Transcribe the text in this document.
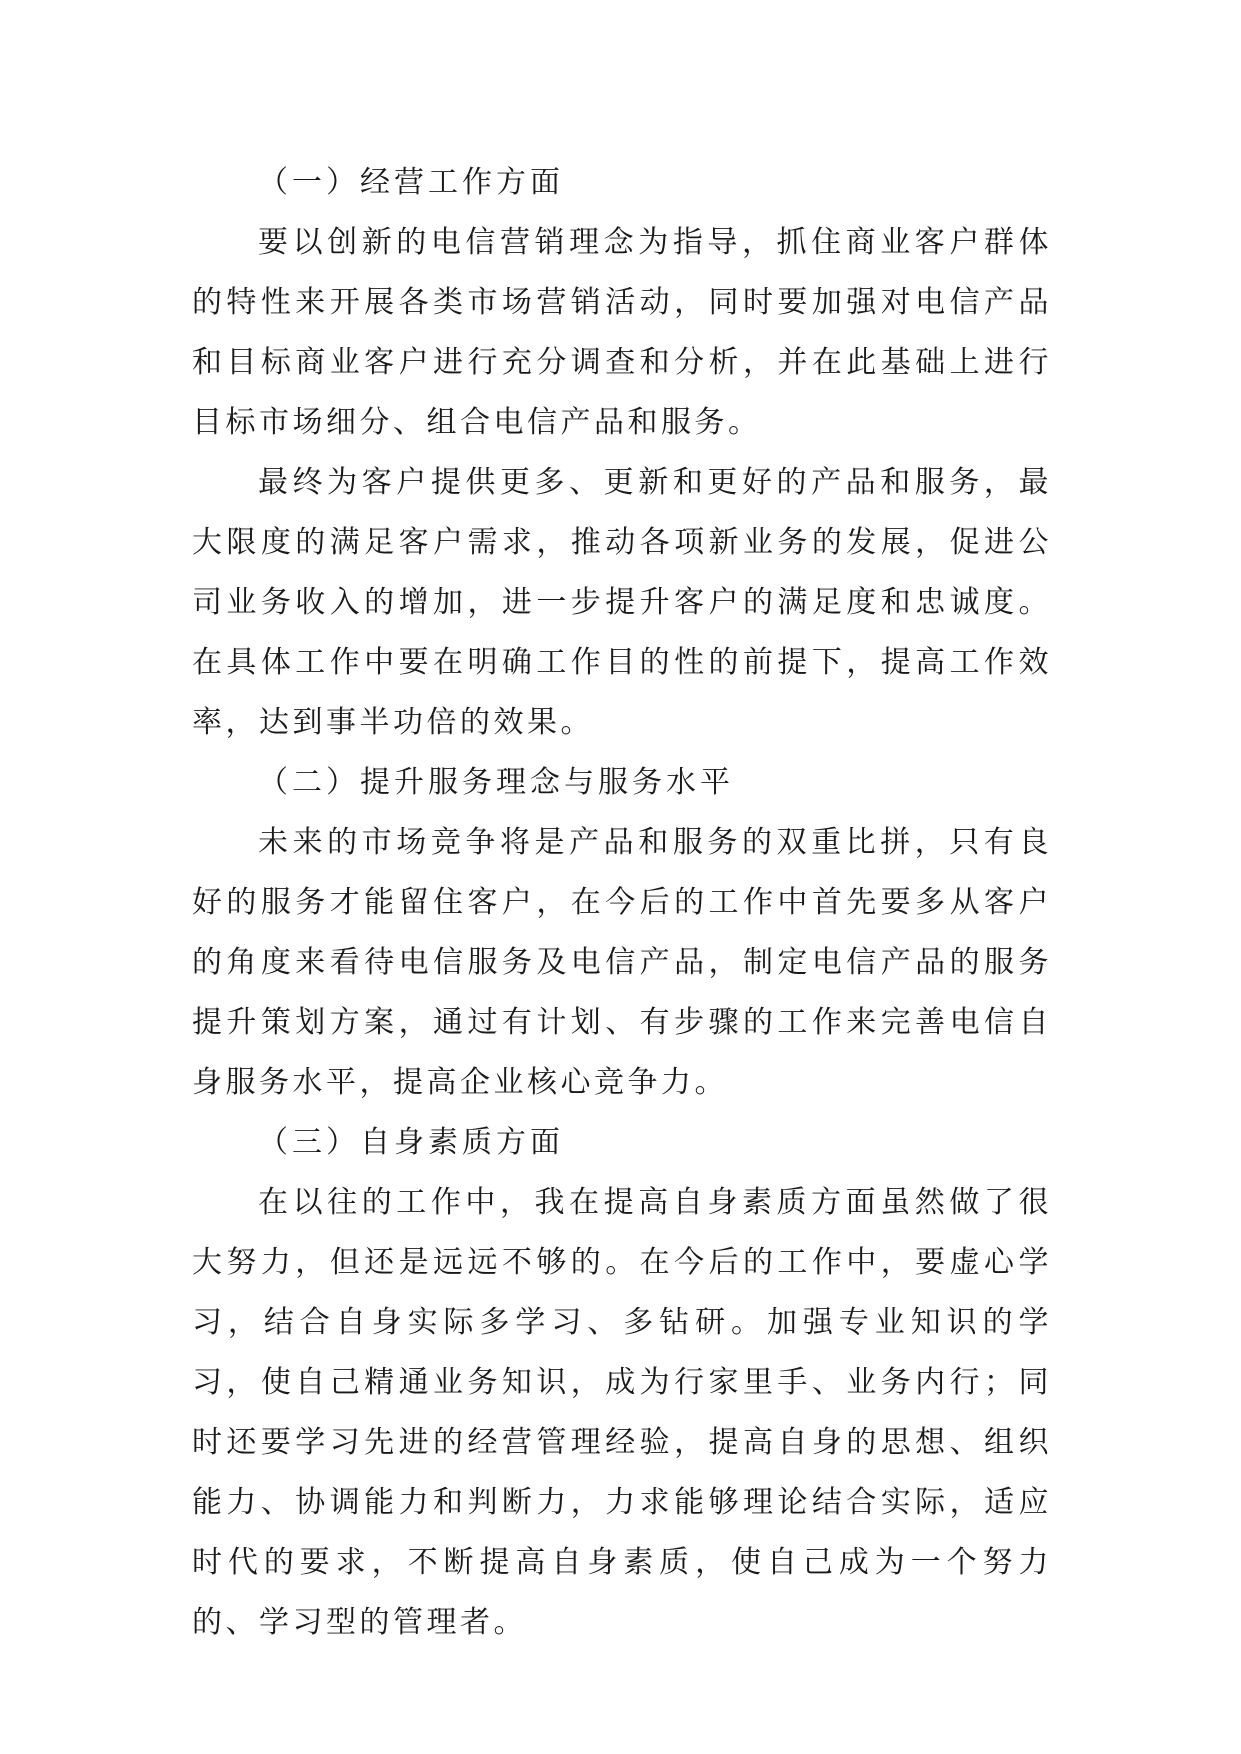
（一）经营工作方面

要以创新的电信营销理念为指导，抓住商业客户群体的特性来开展各类市场营销活动，同时要加强对电信产品和目标商业客户进行充分调查和分析，并在此基础上进行目标市场细分、组合电信产品和服务。

最终为客户提供更多、更新和更好的产品和服务，最大限度的满足客户需求，推动各项新业务的发展，促进公司业务收入的增加，进一步提升客户的满足度和忠诚度。在具体工作中要在明确工作目的性的前提下，提高工作效率，达到事半功倍的效果。

（二）提升服务理念与服务水平

未来的市场竞争将是产品和服务的双重比拼，只有良好的服务才能留住客户，在今后的工作中首先要多从客户的角度来看待电信服务及电信产品，制定电信产品的服务提升策划方案，通过有计划、有步骤的工作来完善电信自身服务水平，提高企业核心竞争力。

（三）自身素质方面

在以往的工作中，我在提高自身素质方面虽然做了很大努力，但还是远远不够的。在今后的工作中，要虚心学习，结合自身实际多学习、多钻研。加强专业知识的学习，使自己精通业务知识，成为行家里手、业务内行；同时还要学习先进的经营管理经验，提高自身的思想、组织能力、协调能力和判断力，力求能够理论结合实际，适应时代的要求，不断提高自身素质，使自己成为一个努力的、学习型的管理者。
